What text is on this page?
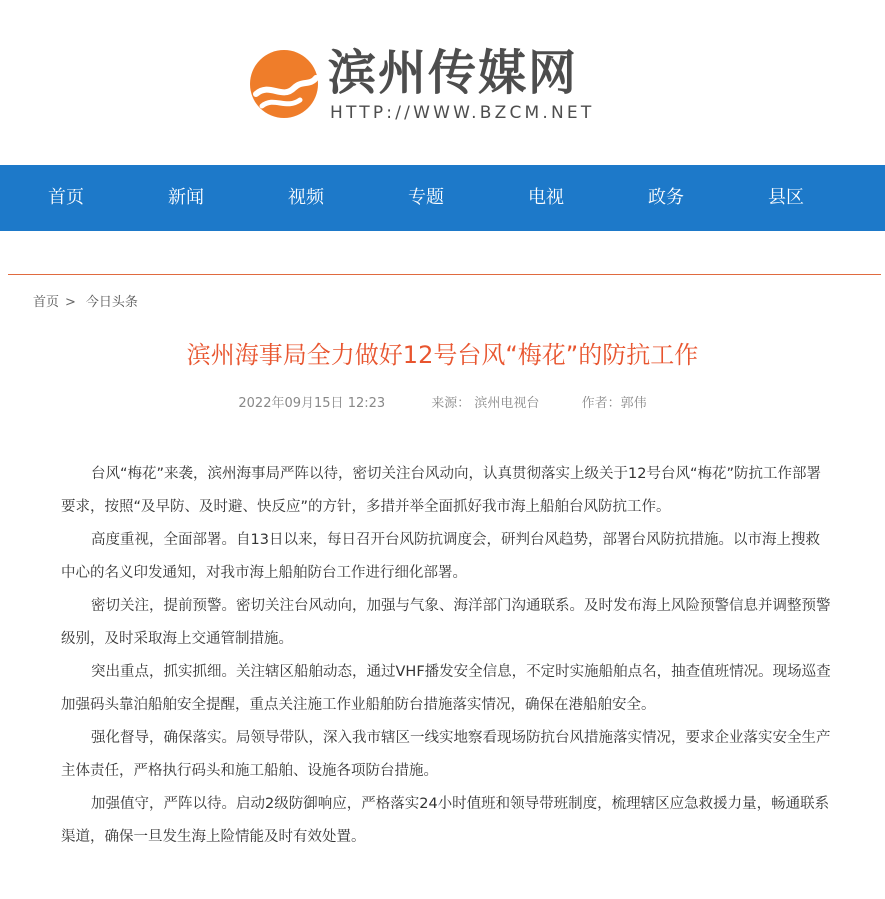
滨州传媒网
HTTP://WWW.BZCM.NET
首页	新闻	视频	专题	电视	政务	县区
首页 > 今日头条
滨州海事局全力做好12号台风“梅花”的防抗工作
2022年09月15日 12:23	来源： 滨州电视台	作者：郭伟

台风“梅花”来袭，滨州海事局严阵以待，密切关注台风动向，认真贯彻落实上级关于12号台风“梅花”防抗工作部署要求，按照“及早防、及时避、快反应”的方针，多措并举全面抓好我市海上船舶台风防抗工作。

高度重视，全面部署。自13日以来，每日召开台风防抗调度会，研判台风趋势，部署台风防抗措施。以市海上搜救中心的名义印发通知，对我市海上船舶防台工作进行细化部署。

密切关注，提前预警。密切关注台风动向，加强与气象、海洋部门沟通联系。及时发布海上风险预警信息并调整预警级别，及时采取海上交通管制措施。

突出重点，抓实抓细。关注辖区船舶动态，通过VHF播发安全信息，不定时实施船舶点名，抽查值班情况。现场巡查加强码头靠泊船舶安全提醒，重点关注施工作业船舶防台措施落实情况，确保在港船舶安全。

强化督导，确保落实。局领导带队，深入我市辖区一线实地察看现场防抗台风措施落实情况，要求企业落实安全生产主体责任，严格执行码头和施工船舶、设施各项防台措施。

加强值守，严阵以待。启动2级防御响应，严格落实24小时值班和领导带班制度，梳理辖区应急救援力量，畅通联系渠道，确保一旦发生海上险情能及时有效处置。
